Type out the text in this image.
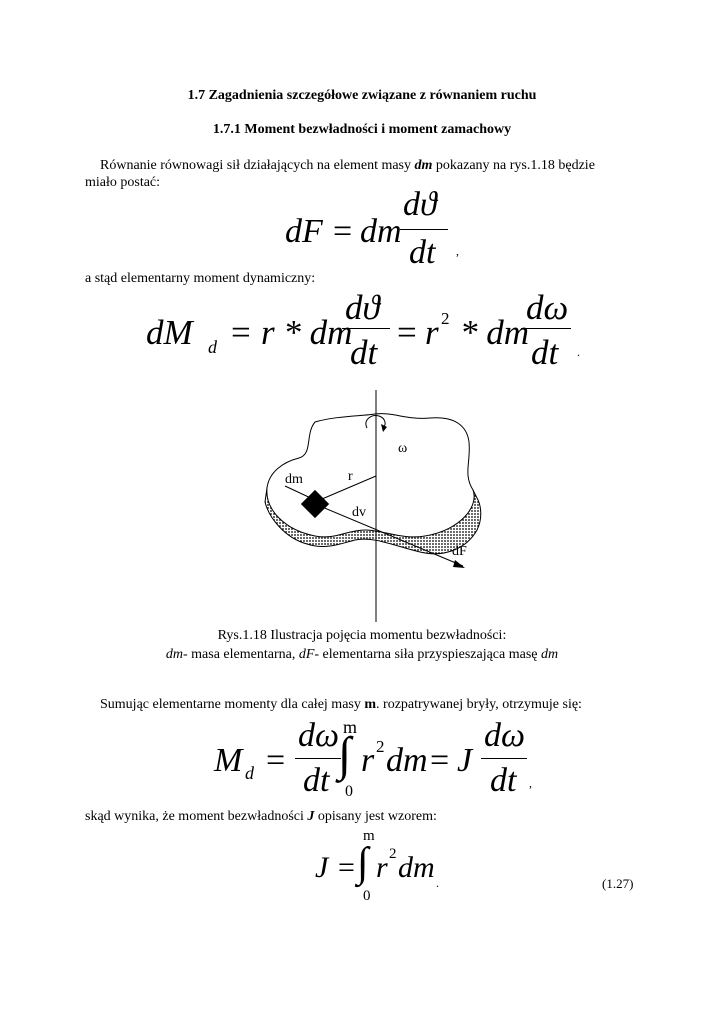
1.7 Zagadnienia szczegółowe związane z równaniem ruchu
1.7.1 Moment bezwładności i moment zamachowy
Równanie równowagi sił działających na element masy dm pokazany na rys.1.18 będzie
miało postać:
dF = dm
dϑ
dt ,
a stąd elementarny moment dynamiczny:
dM d = r * dm
dϑ
dt
= r 2 * dm
dω
dt .
ω
r
dm
dv
dF
Rys.1.18 Ilustracja pojęcia momentu bezwładności:
dm- masa elementarna, dF- elementarna siła przyspieszająca masę dm
Sumując elementarne momenty dla całej masy m. rozpatrywanej bryły, otrzymuje się:
M d =
dω
dt
m
∫
0
r 2 dm = J
dω
dt ,
skąd wynika, że moment bezwładności J opisany jest wzorem:
J =
m
∫
0
r 2 dm .	(1.27)
